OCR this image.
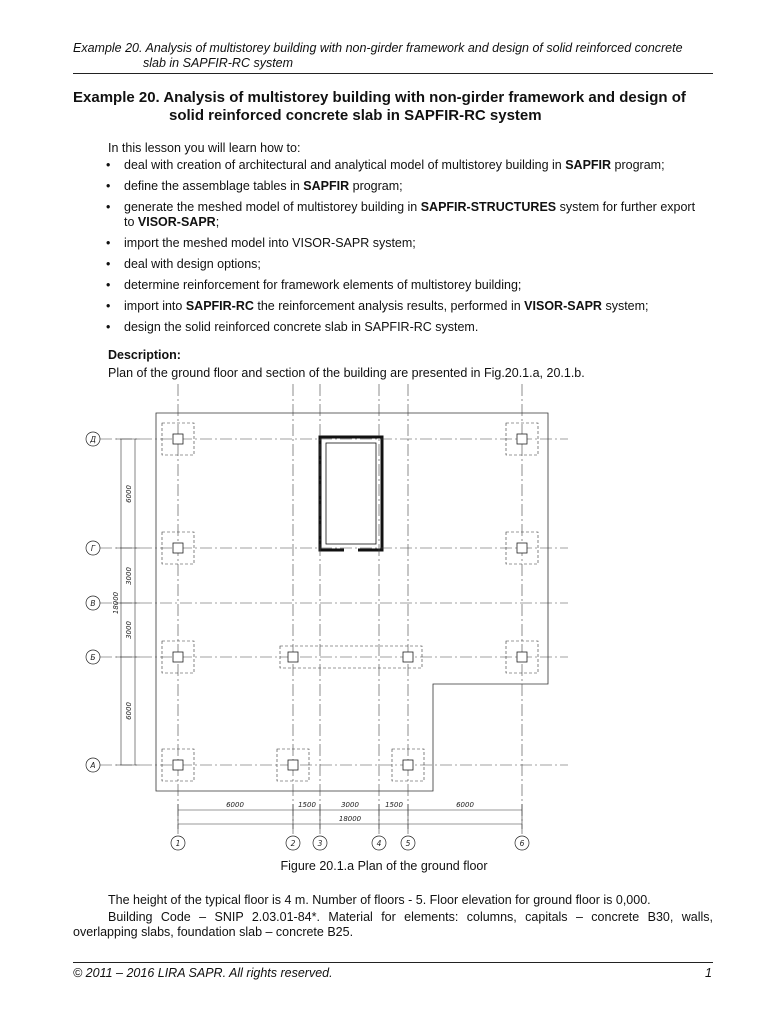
Example 20. Analysis of multistorey building with non-girder framework and design of solid reinforced concrete

slab in SAPFIR-RC system

Example 20. Analysis of multistorey building with non-girder framework and design of
solid reinforced concrete slab in SAPFIR-RC system

In this lesson you will learn how to:

• deal with creation of architectural and analytical model of multistorey building in SAPFIR program;
• define the assemblage tables in SAPFIR program;
• generate the meshed model of multistorey building in SAPFIR-STRUCTURES system for further export
to VISOR-SAPR;
• import the meshed model into VISOR-SAPR system;
• deal with design options;
• determine reinforcement for framework elements of multistorey building;
• import into SAPFIR-RC the reinforcement analysis results, performed in VISOR-SAPR system;
• design the solid reinforced concrete slab in SAPFIR-RC system.

Description:

Plan of the ground floor and section of the building are presented in Fig.20.1.a, 20.1.b.

Д
Г
В
Б
А
1	2	3	4	5	6
6000
3000
3000
6000
18000
6000	1500	3000	1500	6000
18000

Figure 20.1.a Plan of the ground floor

The height of the typical floor is 4 m. Number of floors - 5. Floor elevation for ground floor is 0,000.

Building Code – SNIP 2.03.01-84*. Material for elements: columns, capitals – concrete B30, walls, overlapping slabs, foundation slab – concrete B25.

© 2011 – 2016 LIRA SAPR. All rights reserved.	1
